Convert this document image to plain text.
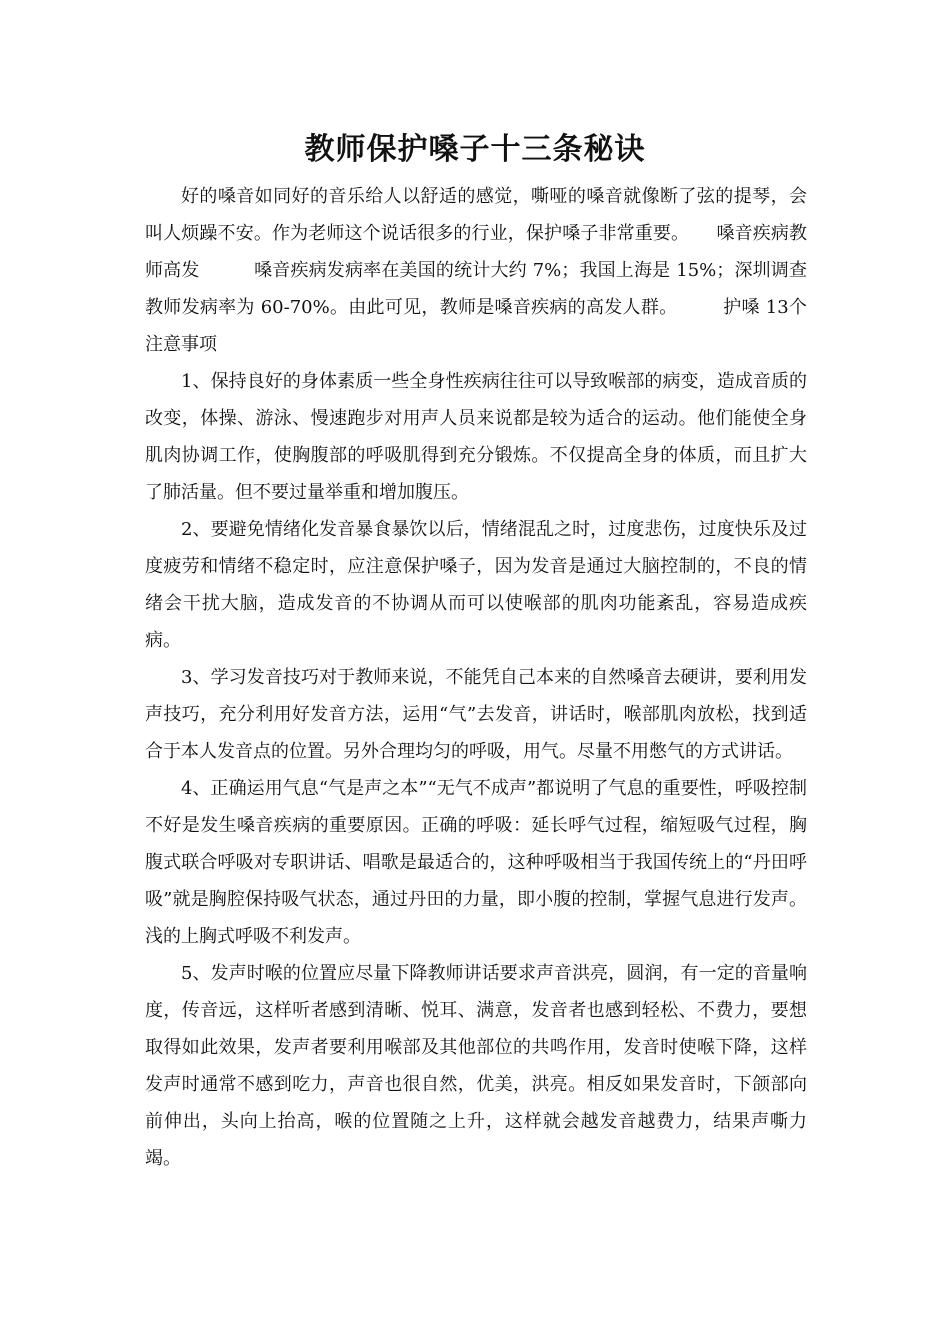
教师保护嗓子十三条秘诀

好的嗓音如同好的音乐给人以舒适的感觉，嘶哑的嗓音就像断了弦的提琴，会叫人烦躁不安。作为老师这个说话很多的行业，保护嗓子非常重要。　　嗓音疾病教师高发　　　嗓音疾病发病率在美国的统计大约 7%；我国上海是 15%；深圳调查教师发病率为 60-70%。由此可见，教师是嗓音疾病的高发人群。　　　护嗓 13个注意事项

1、保持良好的身体素质一些全身性疾病往往可以导致喉部的病变，造成音质的改变，体操、游泳、慢速跑步对用声人员来说都是较为适合的运动。他们能使全身肌肉协调工作，使胸腹部的呼吸肌得到充分锻炼。不仅提高全身的体质，而且扩大了肺活量。但不要过量举重和增加腹压。

2、要避免情绪化发音暴食暴饮以后，情绪混乱之时，过度悲伤，过度快乐及过度疲劳和情绪不稳定时，应注意保护嗓子，因为发音是通过大脑控制的，不良的情绪会干扰大脑，造成发音的不协调从而可以使喉部的肌肉功能紊乱，容易造成疾病。

3、学习发音技巧对于教师来说，不能凭自己本来的自然嗓音去硬讲，要利用发声技巧，充分利用好发音方法，运用“气”去发音，讲话时，喉部肌肉放松，找到适合于本人发音点的位置。另外合理均匀的呼吸，用气。尽量不用憋气的方式讲话。

4、正确运用气息“气是声之本”“无气不成声”都说明了气息的重要性，呼吸控制不好是发生嗓音疾病的重要原因。正确的呼吸：延长呼气过程，缩短吸气过程，胸腹式联合呼吸对专职讲话、唱歌是最适合的，这种呼吸相当于我国传统上的“丹田呼吸”就是胸腔保持吸气状态，通过丹田的力量，即小腹的控制，掌握气息进行发声。浅的上胸式呼吸不利发声。

5、发声时喉的位置应尽量下降教师讲话要求声音洪亮，圆润，有一定的音量响度，传音远，这样听者感到清晰、悦耳、满意，发音者也感到轻松、不费力，要想取得如此效果，发声者要利用喉部及其他部位的共鸣作用，发音时使喉下降，这样发声时通常不感到吃力，声音也很自然，优美，洪亮。相反如果发音时，下颌部向前伸出，头向上抬高，喉的位置随之上升，这样就会越发音越费力，结果声嘶力竭。
